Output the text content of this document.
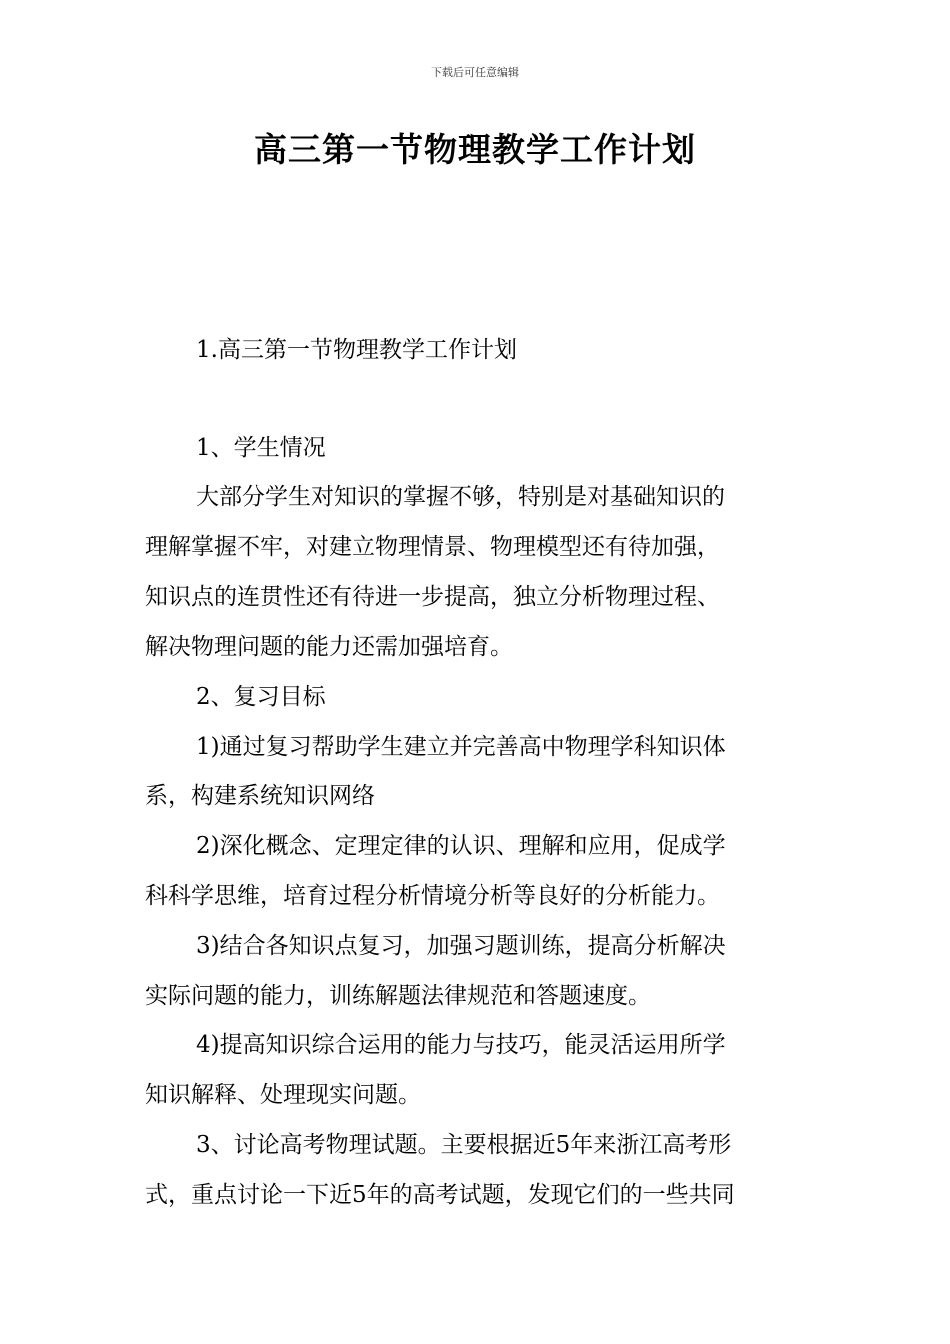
下载后可任意编辑
高三第一节物理教学工作计划
1.高三第一节物理教学工作计划
1、学生情况
大部分学生对知识的掌握不够，特别是对基础知识的
理解掌握不牢，对建立物理情景、物理模型还有待加强，
知识点的连贯性还有待进一步提高，独立分析物理过程、
解决物理问题的能力还需加强培育。
2、复习目标
1)通过复习帮助学生建立并完善高中物理学科知识体
系，构建系统知识网络
2)深化概念、定理定律的认识、理解和应用，促成学
科科学思维，培育过程分析情境分析等良好的分析能力。
3)结合各知识点复习，加强习题训练，提高分析解决
实际问题的能力，训练解题法律规范和答题速度。
4)提高知识综合运用的能力与技巧，能灵活运用所学
知识解释、处理现实问题。
3、讨论高考物理试题。主要根据近5年来浙江高考形
式，重点讨论一下近5年的高考试题，发现它们的一些共同
